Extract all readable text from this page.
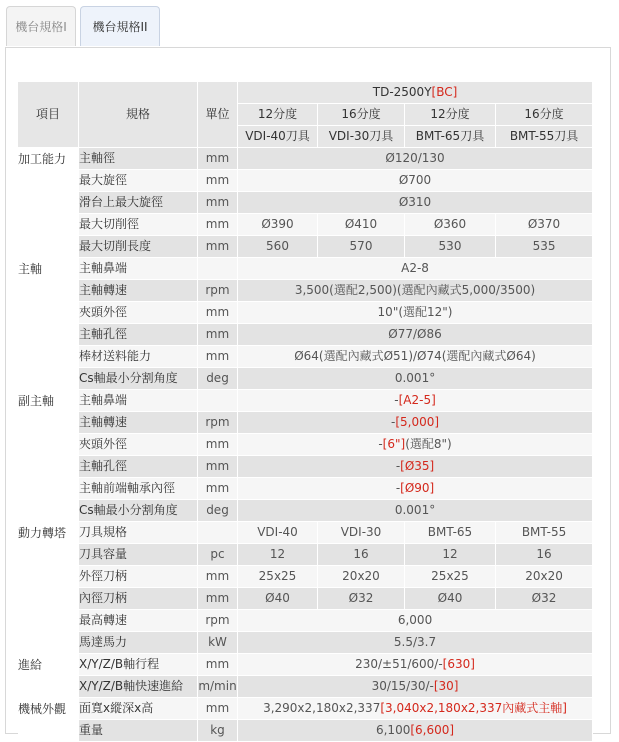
機台規格I	機台規格II
項目	規格	單位	TD-2500Y[BC]			
			12分度	16分度	12分度	16分度
			VDI-40刀具	VDI-30刀具	BMT-65刀具	BMT-55刀具
加工能力	主軸徑	mm	Ø120/130			
	最大旋徑	mm	Ø700			
	滑台上最大旋徑	mm	Ø310			
	最大切削徑	mm	Ø390	Ø410	Ø360	Ø370
	最大切削長度	mm	560	570	530	535
主軸	主軸鼻端		A2-8			
	主軸轉速	rpm	3,500(選配2,500)(選配內藏式5,000/3500)			
	夾頭外徑	mm	10"(選配12")			
	主軸孔徑	mm	Ø77/Ø86			
	棒材送料能力	mm	Ø64(選配內藏式Ø51)/Ø74(選配內藏式Ø64)			
	Cs軸最小分割角度	deg	0.001°			
副主軸	主軸鼻端		-[A2-5]			
	主軸轉速	rpm	-[5,000]			
	夾頭外徑	mm	-[6"](選配8")			
	主軸孔徑	mm	-[Ø35]			
	主軸前端軸承內徑	mm	-[Ø90]			
	Cs軸最小分割角度	deg	0.001°			
動力轉塔	刀具規格		VDI-40	VDI-30	BMT-65	BMT-55
	刀具容量	pc	12	16	12	16
	外徑刀柄	mm	25x25	20x20	25x25	20x20
	內徑刀柄	mm	Ø40	Ø32	Ø40	Ø32
	最高轉速	rpm	6,000			
	馬達馬力	kW	5.5/3.7			
進給	X/Y/Z/B軸行程	mm	230/±51/600/-[630]			
	X/Y/Z/B軸快速進給	m/min	30/15/30/-[30]			
機械外觀	面寬x縱深x高	mm	3,290x2,180x2,337[3,040x2,180x2,337內藏式主軸]			
	重量	kg	6,100[6,600]			
